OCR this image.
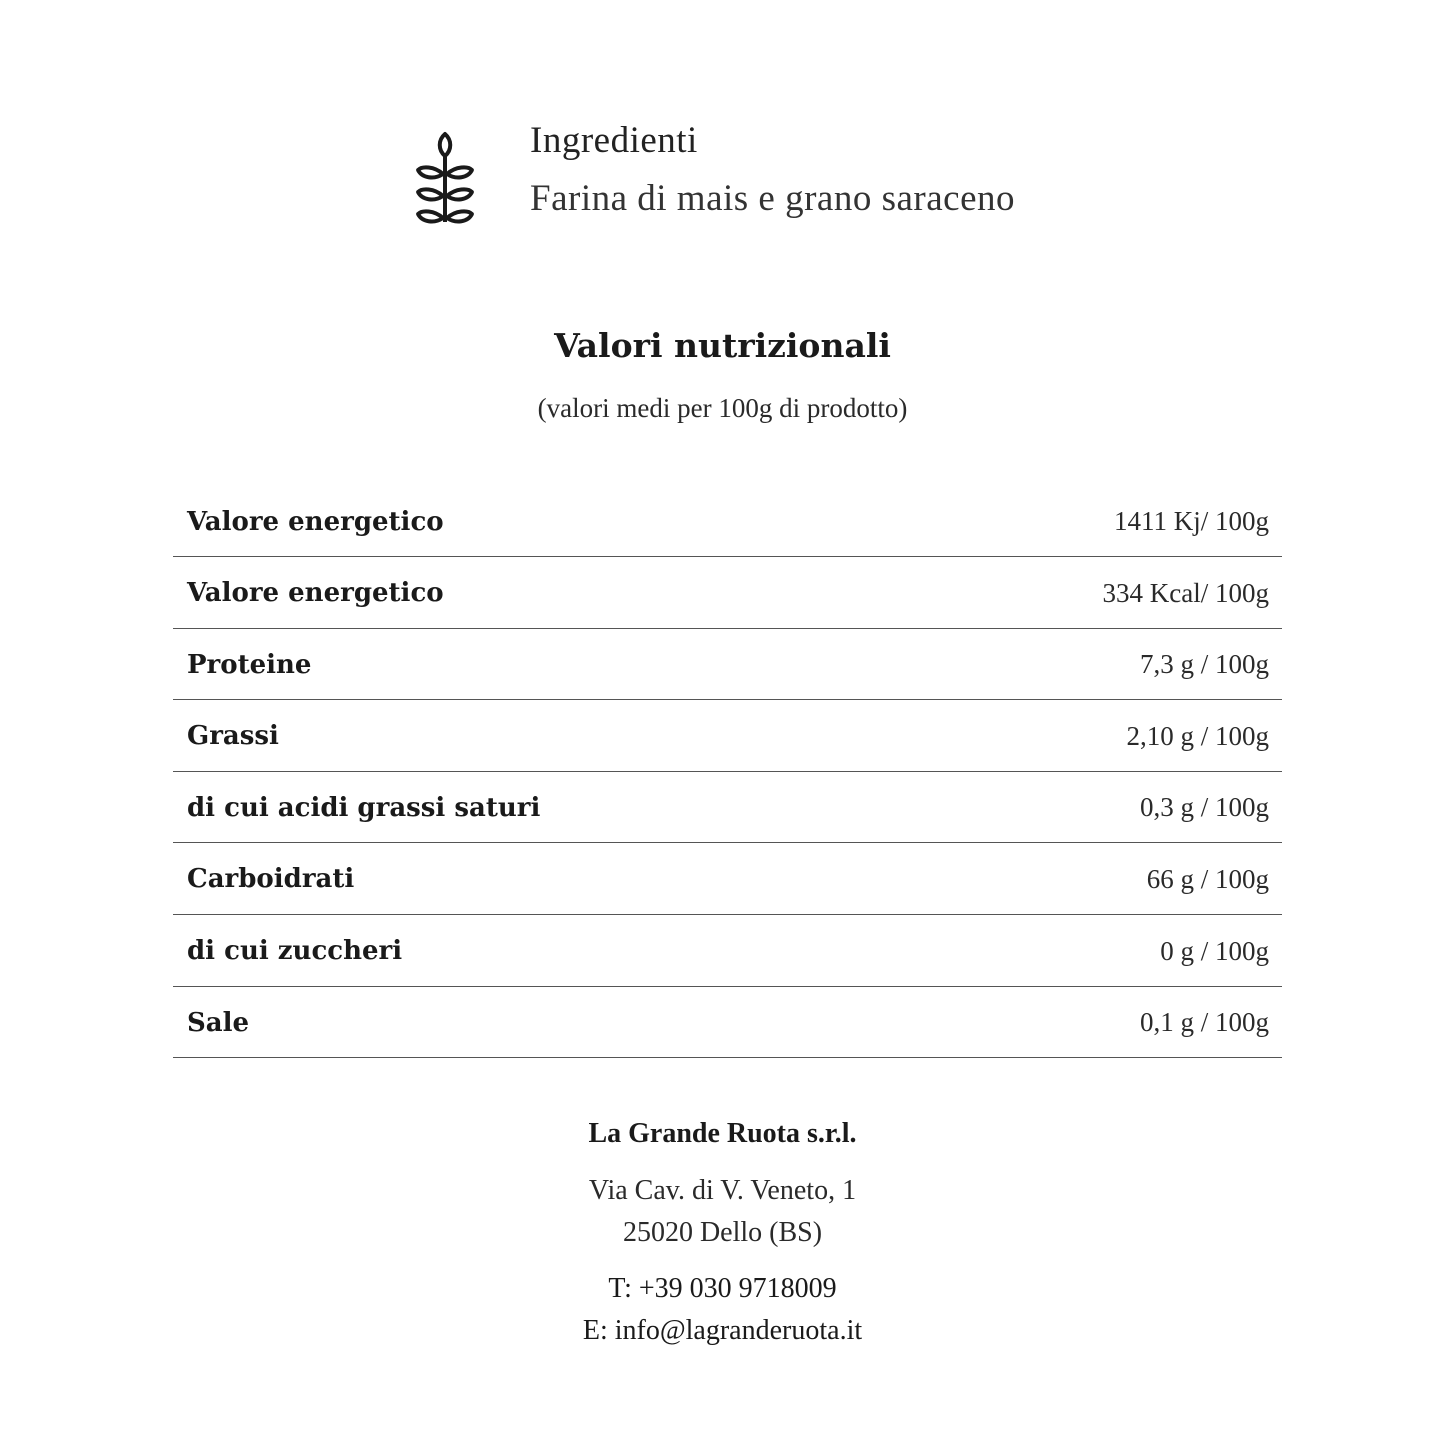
Ingredienti
Farina di mais e grano saraceno
Valori nutrizionali
(valori medi per 100g di prodotto)
Valore energetico	1411 Kj/ 100g
Valore energetico	334 Kcal/ 100g
Proteine	7,3 g / 100g
Grassi	2,10 g / 100g
di cui acidi grassi saturi	0,3 g / 100g
Carboidrati	66 g / 100g
di cui zuccheri	0 g / 100g
Sale	0,1 g / 100g
La Grande Ruota s.r.l.
Via Cav. di V. Veneto, 1
25020 Dello (BS)
T: +39 030 9718009
E: info@lagranderuota.it
